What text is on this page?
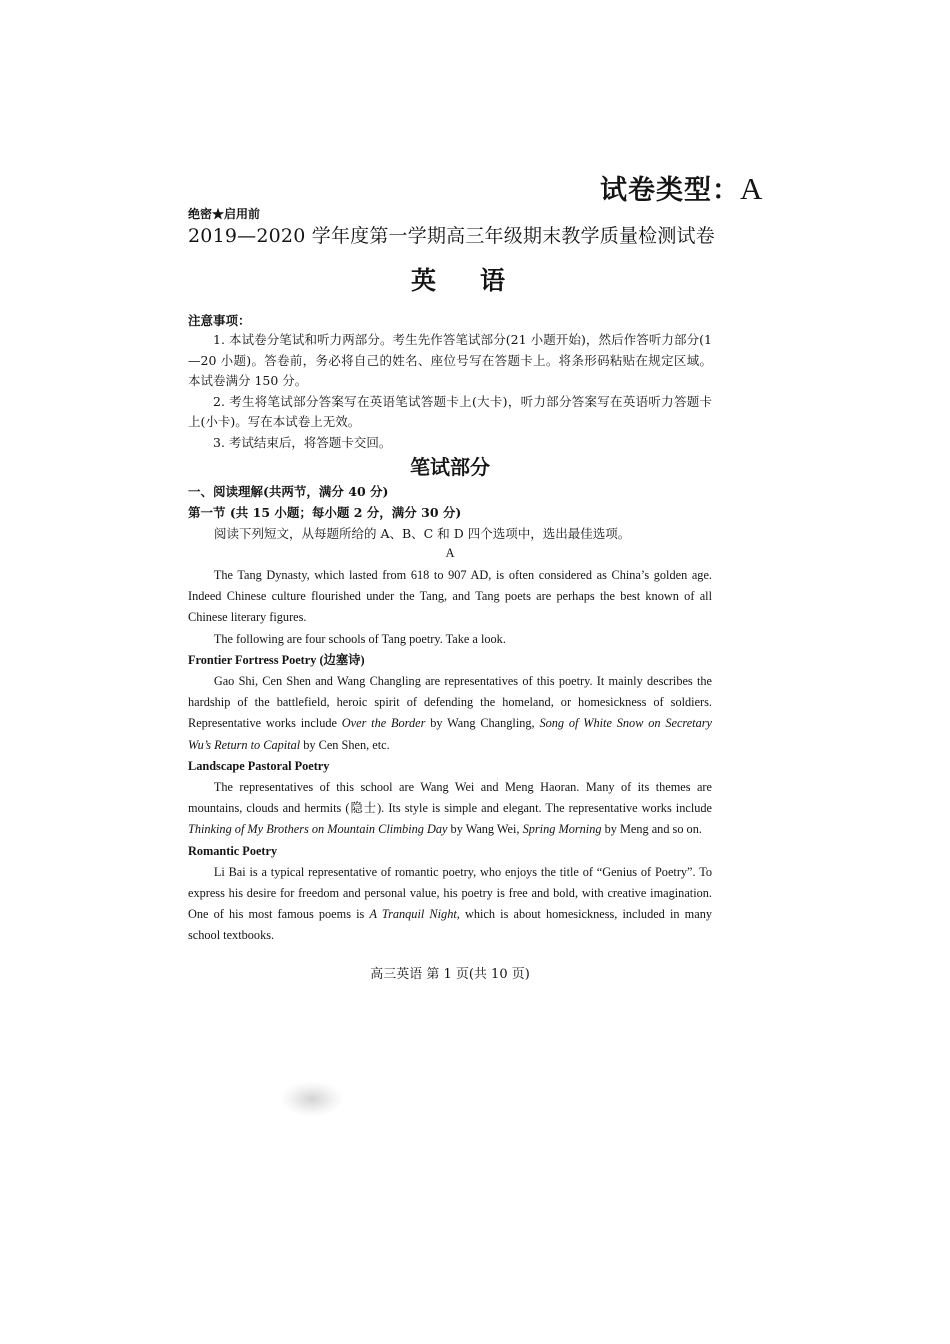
试卷类型：A
绝密★启用前
2019—2020 学年度第一学期高三年级期末教学质量检测试卷
英语
注意事项：

1. 本试卷分笔试和听力两部分。考生先作答笔试部分(21 小题开始)，然后作答听力部分(1—20 小题)。答卷前，务必将自己的姓名、座位号写在答题卡上。将条形码粘贴在规定区域。本试卷满分 150 分。

2. 考生将笔试部分答案写在英语笔试答题卡上(大卡)，听力部分答案写在英语听力答题卡上(小卡)。写在本试卷上无效。

3. 考试结束后，将答题卡交回。

笔试部分
一、阅读理解(共两节，满分 40 分)
第一节 (共 15 小题；每小题 2 分，满分 30 分)
阅读下列短文，从每题所给的 A、B、C 和 D 四个选项中，选出最佳选项。
A

The Tang Dynasty, which lasted from 618 to 907 AD, is often considered as China’s golden age. Indeed Chinese culture flourished under the Tang, and Tang poets are perhaps the best known of all Chinese literary figures.

The following are four schools of Tang poetry. Take a look.

Frontier Fortress Poetry (边塞诗)

Gao Shi, Cen Shen and Wang Changling are representatives of this poetry. It mainly describes the hardship of the battlefield, heroic spirit of defending the homeland, or homesickness of soldiers. Representative works include Over the Border by Wang Changling, Song of White Snow on Secretary Wu’s Return to Capital by Cen Shen, etc.

Landscape Pastoral Poetry

The representatives of this school are Wang Wei and Meng Haoran. Many of its themes are mountains, clouds and hermits (隐士). Its style is simple and elegant. The representative works include Thinking of My Brothers on Mountain Climbing Day by Wang Wei, Spring Morning by Meng and so on.

Romantic Poetry

Li Bai is a typical representative of romantic poetry, who enjoys the title of “Genius of Poetry”. To express his desire for freedom and personal value, his poetry is free and bold, with creative imagination. One of his most famous poems is A Tranquil Night, which is about homesickness, included in many school textbooks.

高三英语 第 1 页(共 10 页)
